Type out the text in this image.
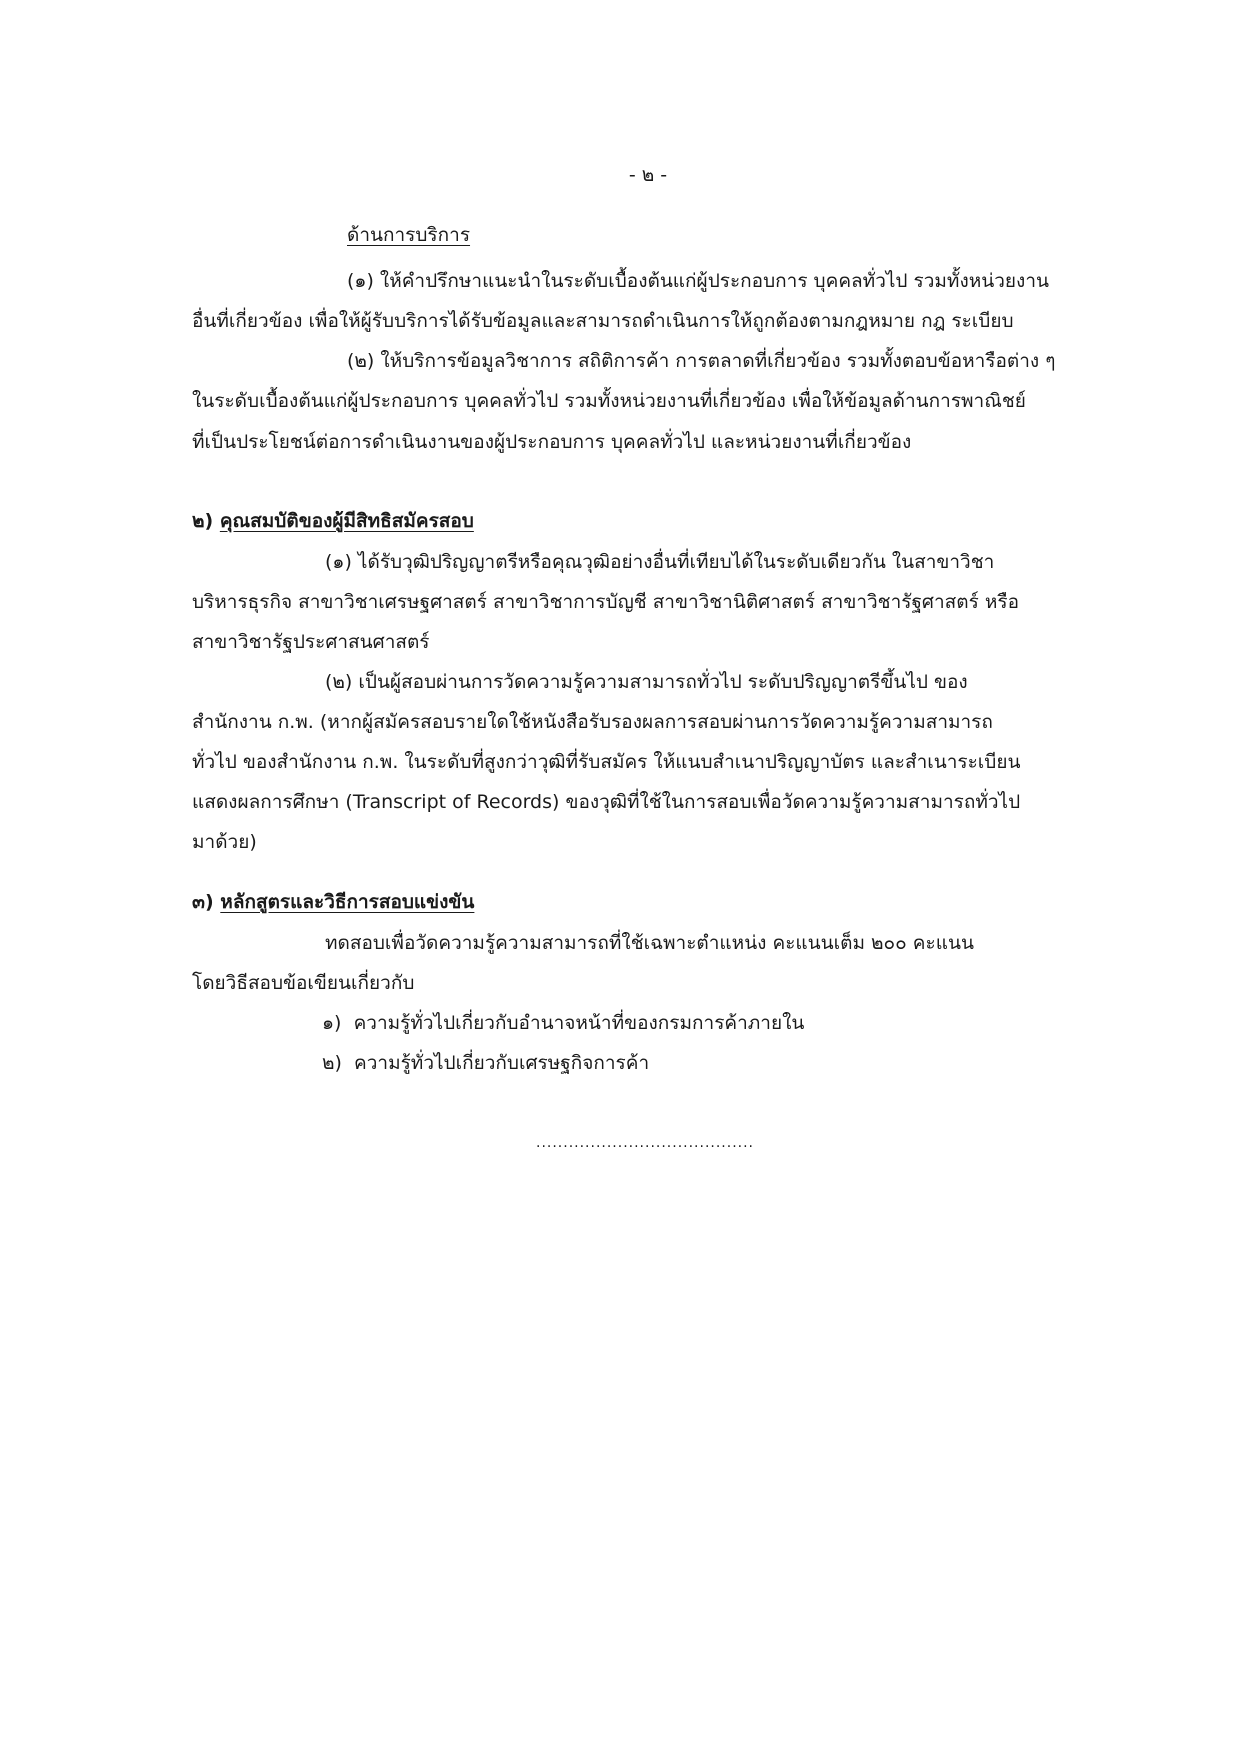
- ๒ -
ด้านการบริการ
(๑) ให้คำปรึกษาแนะนำในระดับเบื้องต้นแก่ผู้ประกอบการ บุคคลทั่วไป รวมทั้งหน่วยงาน
อื่นที่เกี่ยวข้อง เพื่อให้ผู้รับบริการได้รับข้อมูลและสามารถดำเนินการให้ถูกต้องตามกฎหมาย กฎ ระเบียบ
(๒) ให้บริการข้อมูลวิชาการ สถิติการค้า การตลาดที่เกี่ยวข้อง รวมทั้งตอบข้อหารือต่าง ๆ
ในระดับเบื้องต้นแก่ผู้ประกอบการ บุคคลทั่วไป รวมทั้งหน่วยงานที่เกี่ยวข้อง เพื่อให้ข้อมูลด้านการพาณิชย์
ที่เป็นประโยชน์ต่อการดำเนินงานของผู้ประกอบการ บุคคลทั่วไป และหน่วยงานที่เกี่ยวข้อง
๒) คุณสมบัติของผู้มีสิทธิสมัครสอบ
(๑) ได้รับวุฒิปริญญาตรีหรือคุณวุฒิอย่างอื่นที่เทียบได้ในระดับเดียวกัน ในสาขาวิชา
บริหารธุรกิจ สาขาวิชาเศรษฐศาสตร์ สาขาวิชาการบัญชี สาขาวิชานิติศาสตร์ สาขาวิชารัฐศาสตร์ หรือ
สาขาวิชารัฐประศาสนศาสตร์
(๒) เป็นผู้สอบผ่านการวัดความรู้ความสามารถทั่วไป ระดับปริญญาตรีขึ้นไป ของ
สำนักงาน ก.พ. (หากผู้สมัครสอบรายใดใช้หนังสือรับรองผลการสอบผ่านการวัดความรู้ความสามารถ
ทั่วไป ของสำนักงาน ก.พ. ในระดับที่สูงกว่าวุฒิที่รับสมัคร ให้แนบสำเนาปริญญาบัตร และสำเนาระเบียน
แสดงผลการศึกษา (Transcript of Records) ของวุฒิที่ใช้ในการสอบเพื่อวัดความรู้ความสามารถทั่วไป
มาด้วย)
๓) หลักสูตรและวิธีการสอบแข่งขัน
ทดสอบเพื่อวัดความรู้ความสามารถที่ใช้เฉพาะตำแหน่ง คะแนนเต็ม ๒๐๐ คะแนน
โดยวิธีสอบข้อเขียนเกี่ยวกับ
๑) ความรู้ทั่วไปเกี่ยวกับอำนาจหน้าที่ของกรมการค้าภายใน
๒) ความรู้ทั่วไปเกี่ยวกับเศรษฐกิจการค้า
........................................
